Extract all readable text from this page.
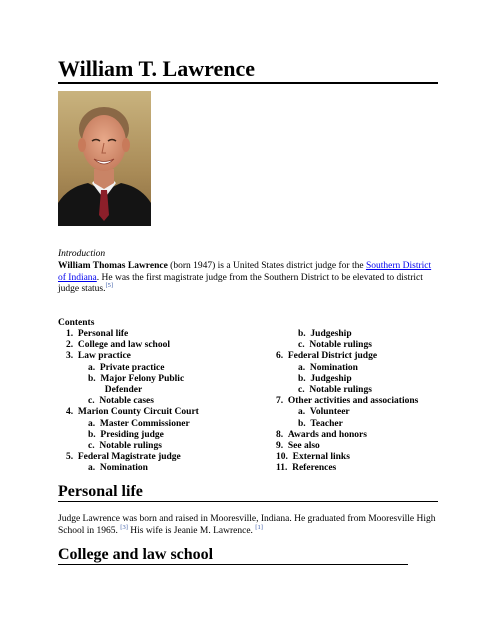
William T. Lawrence
Introduction
William Thomas Lawrence (born 1947) is a United States district judge for the Southern District of Indiana. He was the first magistrate judge from the Southern District to be elevated to district judge status.[5]
Contents
1. Personal life
2. College and law school
3. Law practice
a. Private practice
b. Major Felony Public
Defender
c. Notable cases
4. Marion County Circuit Court
a. Master Commissioner
b. Presiding judge
c. Notable rulings
5. Federal Magistrate judge
a. Nomination
b. Judgeship
c. Notable rulings
6. Federal District judge
a. Nomination
b. Judgeship
c. Notable rulings
7. Other activities and associations
a. Volunteer
b. Teacher
8. Awards and honors
9. See also
10. External links
11. References
Personal life
Judge Lawrence was born and raised in Mooresville, Indiana. He graduated from Mooresville High School in 1965. [3] His wife is Jeanie M. Lawrence. [1]
College and law school
